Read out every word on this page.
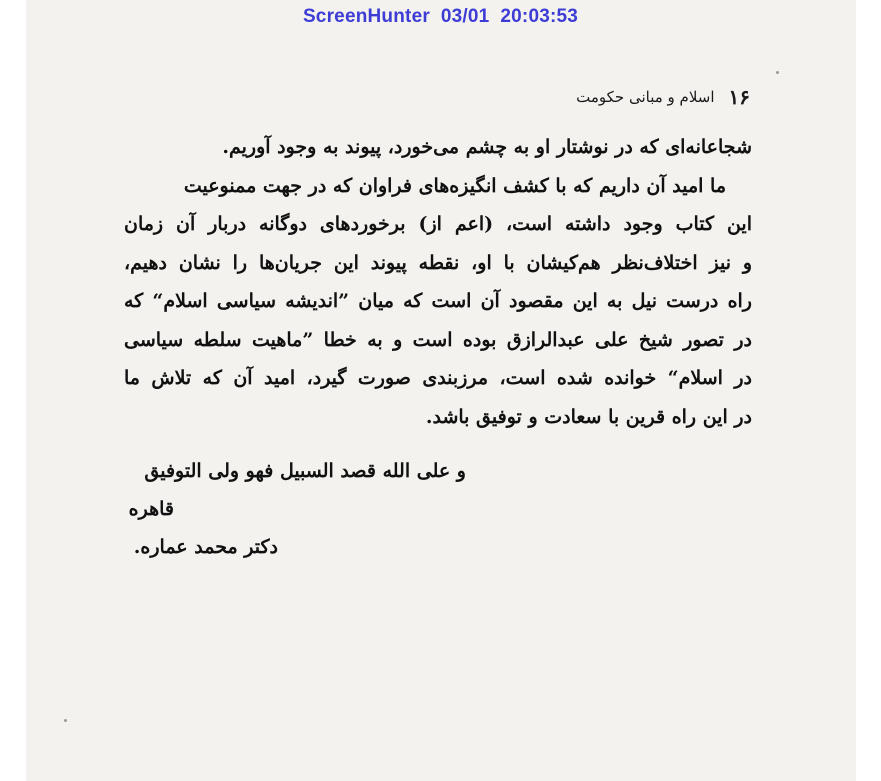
ScreenHunter  03/01  20:03:53
۱۶
اسلام و مبانی حکومت
شجاعانه‌ای که در نوشتار او به چشم می‌خورد، پیوند به وجود آوریم.
ما امید آن داریم که با کشف انگیزه‌های فراوان که در جهت ممنوعیت
این کتاب وجود داشته است، (اعم از) برخوردهای دوگانه دربار آن زمان
و نیز اختلاف‌نظر هم‌کیشان با او، نقطه پیوند این جریان‌ها را نشان دهیم،
راه درست نیل به این مقصود آن است که میان ”اندیشه سیاسی اسلام“ که
در تصور شیخ علی عبدالرازق بوده است و به خطا ”ماهیت سلطه سیاسی
در اسلام“ خوانده شده است، مرزبندی صورت گیرد، امید آن که تلاش ما
در این راه قرین با سعادت و توفیق باشد.
و علی الله قصد السبیل فهو ولی التوفیق
قاهره
دکتر محمد عماره.
